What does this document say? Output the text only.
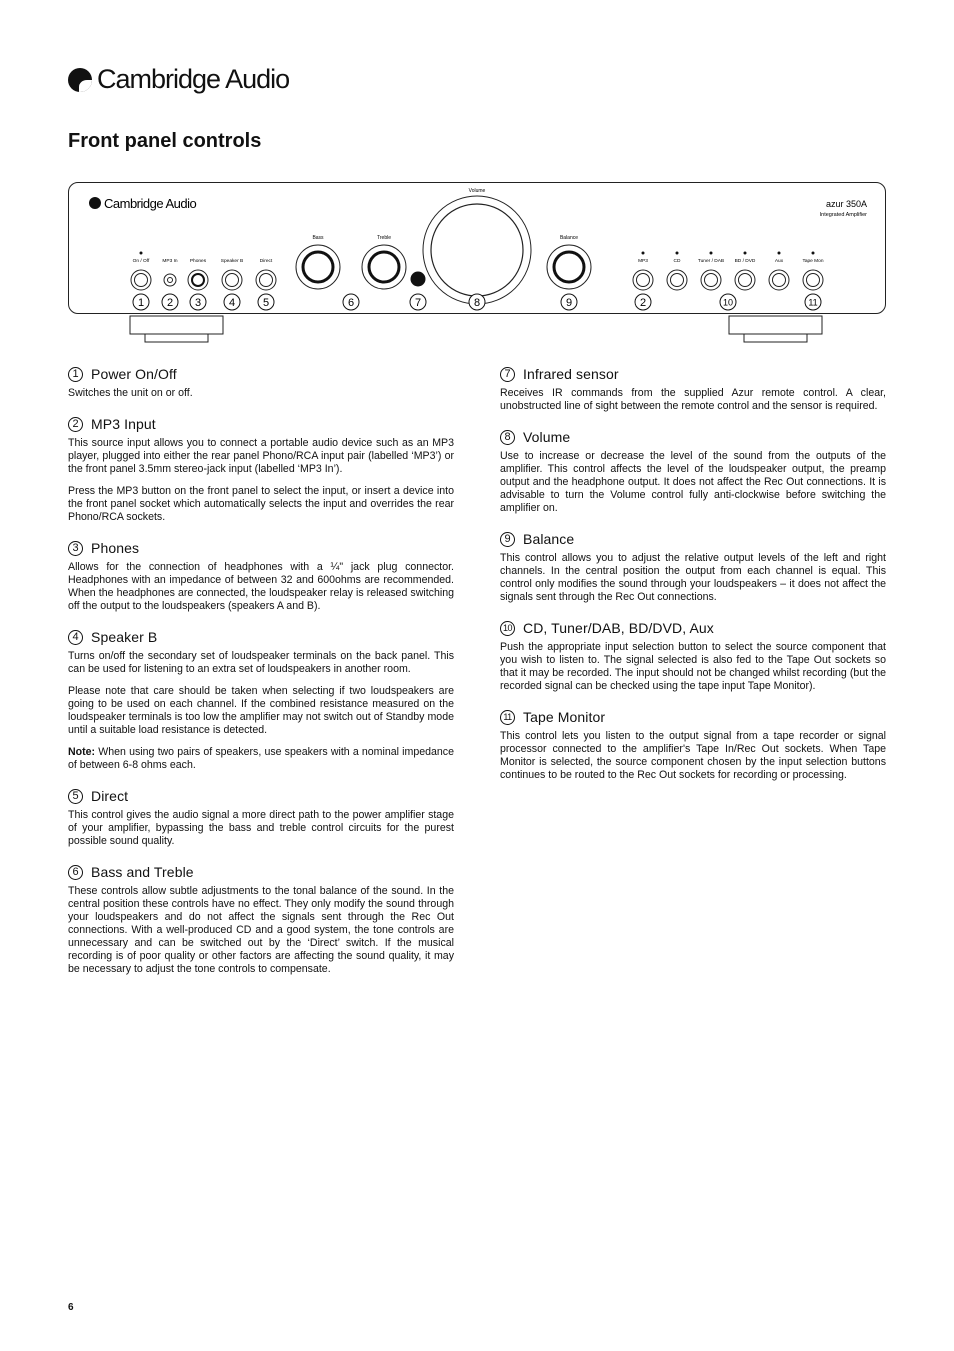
Cambridge Audio
Front panel controls
Cambridge Audio	azur 350A
Integrated Amplifier
Volume
Bass	Treble	Balance
On / Off	MP3 In	Phones	Speaker B	Direct	MP3	CD	Tuner / DAB BD / DVD	Aux	Tape Mon
1 2 3	4	5	6	7	8	9	2	10	11
1 Power On/Off

Switches the unit on or off.

2 MP3 Input

This source input allows you to connect a portable audio device such as an MP3 player, plugged into either the rear panel Phono/RCA input pair (labelled ‘MP3’) or the front panel 3.5mm stereo-jack input (labelled ‘MP3 In’).

Press the MP3 button on the front panel to select the input, or insert a device into the front panel socket which automatically selects the input and overrides the rear Phono/RCA sockets.

3 Phones

Allows for the connection of headphones with a ¼" jack plug connector. Headphones with an impedance of between 32 and 600ohms are recommended. When the headphones are connected, the loudspeaker relay is released switching off the output to the loudspeakers (speakers A and B).

4 Speaker B

Turns on/off the secondary set of loudspeaker terminals on the back panel. This can be used for listening to an extra set of loudspeakers in another room.

Please note that care should be taken when selecting if two loudspeakers are going to be used on each channel. If the combined resistance measured on the loudspeaker terminals is too low the amplifier may not switch out of Standby mode until a suitable load resistance is detected.

Note: When using two pairs of speakers, use speakers with a nominal impedance of between 6-8 ohms each.

5 Direct

This control gives the audio signal a more direct path to the power amplifier stage of your amplifier, bypassing the bass and treble control circuits for the purest possible sound quality.

6 Bass and Treble

These controls allow subtle adjustments to the tonal balance of the sound. In the central position these controls have no effect. They only modify the sound through your loudspeakers and do not affect the signals sent through the Rec Out connections. With a well-produced CD and a good system, the tone controls are unnecessary and can be switched out by the ‘Direct’ switch. If the musical recording is of poor quality or other factors are affecting the sound quality, it may be necessary to adjust the tone controls to compensate.

7 Infrared sensor

Receives IR commands from the supplied Azur remote control. A clear, unobstructed line of sight between the remote control and the sensor is required.

8 Volume

Use to increase or decrease the level of the sound from the outputs of the amplifier. This control affects the level of the loudspeaker output, the preamp output and the headphone output. It does not affect the Rec Out connections. It is advisable to turn the Volume control fully anti-clockwise before switching the amplifier on.

9 Balance

This control allows you to adjust the relative output levels of the left and right channels. In the central position the output from each channel is equal. This control only modifies the sound through your loudspeakers – it does not affect the signals sent through the Rec Out connections.

10 CD, Tuner/DAB, BD/DVD, Aux

Push the appropriate input selection button to select the source component that you wish to listen to. The signal selected is also fed to the Tape Out sockets so that it may be recorded. The input should not be changed whilst recording (but the recorded signal can be checked using the tape input Tape Monitor).

11 Tape Monitor

This control lets you listen to the output signal from a tape recorder or signal processor connected to the amplifier's Tape In/Rec Out sockets. When Tape Monitor is selected, the source component chosen by the input selection buttons continues to be routed to the Rec Out sockets for recording or processing.

6
